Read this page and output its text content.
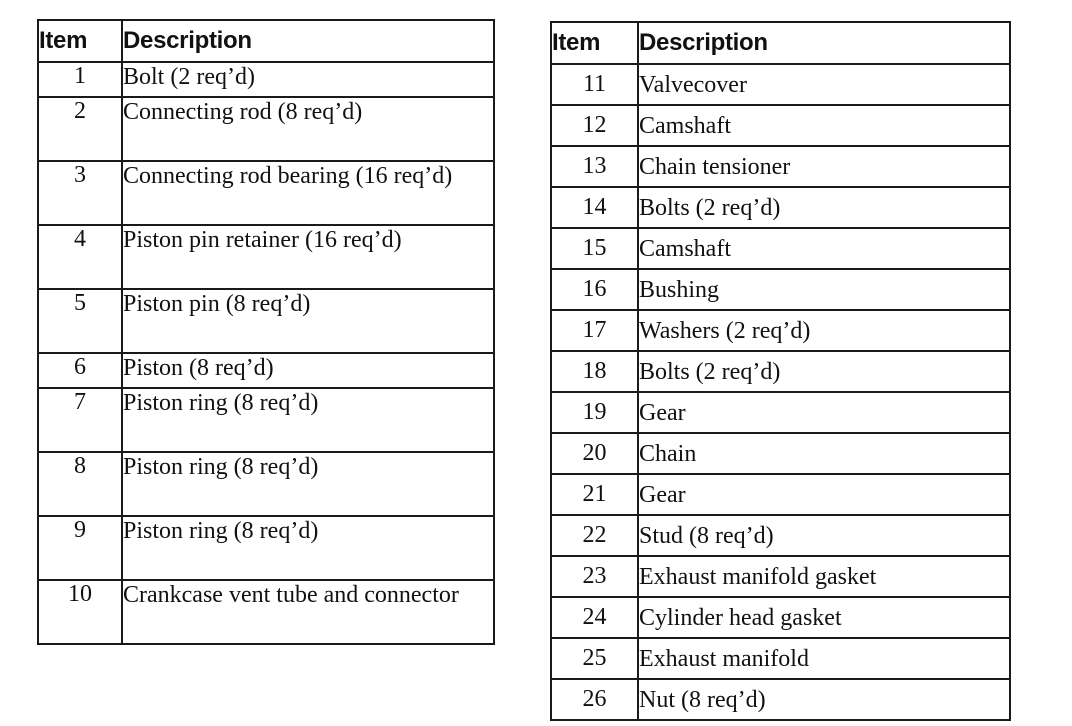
Item	Description
1	Bolt (2 req’d)
2	Connecting rod (8 req’d)
3	Connecting rod bearing (16 req’d)
4	Piston pin retainer (16 req’d)
5	Piston pin (8 req’d)
6	Piston (8 req’d)
7	Piston ring (8 req’d)
8	Piston ring (8 req’d)
9	Piston ring (8 req’d)
10	Crankcase vent tube and connector
Item	Description
11	Valvecover
12	Camshaft
13	Chain tensioner
14	Bolts (2 req’d)
15	Camshaft
16	Bushing
17	Washers (2 req’d)
18	Bolts (2 req’d)
19	Gear
20	Chain
21	Gear
22	Stud (8 req’d)
23	Exhaust manifold gasket
24	Cylinder head gasket
25	Exhaust manifold
26	Nut (8 req’d)
